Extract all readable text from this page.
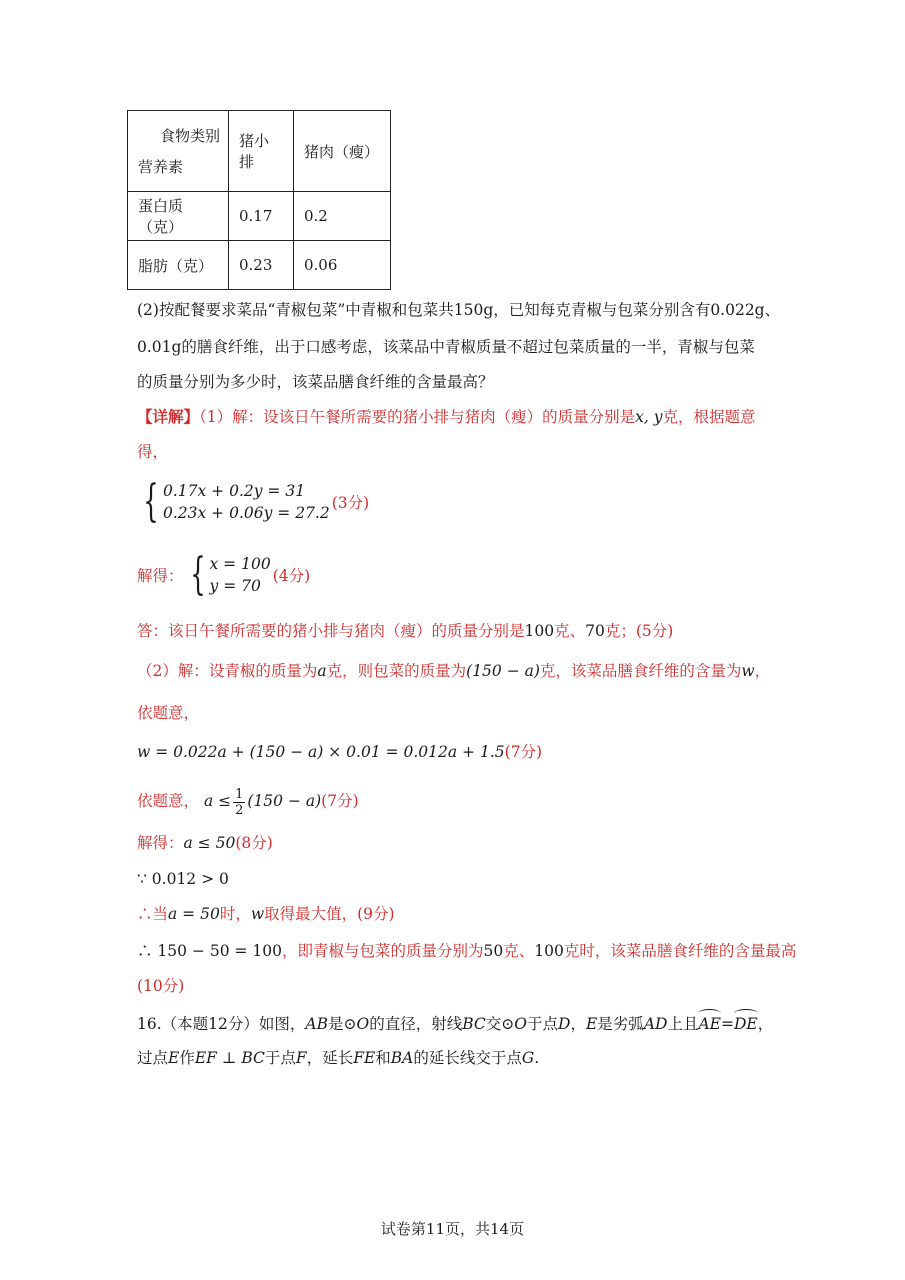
食物类别
营养素	猪小排	猪肉（瘦）
蛋白质（克）	0.17	0.2
脂肪（克）	0.23	0.06
(2)按配餐要求菜品“青椒包菜”中青椒和包菜共150g，已知每克青椒与包菜分别含有0.022g、
0.01g的膳食纤维，出于口感考虑，该菜品中青椒质量不超过包菜质量的一半，青椒与包菜
的质量分别为多少时，该菜品膳食纤维的含量最高？
【详解】（1）解：设该日午餐所需要的猪小排与猪肉（瘦）的质量分别是x, y克，根据题意
得，
{ 0.17x + 0.2y = 31
0.23x + 0.06y = 27.2
(3分)
解得： { x = 100
y = 70
(4分)
答：该日午餐所需要的猪小排与猪肉（瘦）的质量分别是100克、70克；(5分)
（2）解：设青椒的质量为a克，则包菜的质量为(150 − a)克，该菜品膳食纤维的含量为w，
依题意，
w = 0.022a + (150 − a) × 0.01 = 0.012a + 1.5(7分)
依题意， $a \le \frac{1}{2} (150 - a)(7$分)
解得：a ≤ 50(8分)
∵ 0.012 > 0
∴当a = 50时，w取得最大值，(9分)
∴ 150 − 50 = 100，即青椒与包菜的质量分别为50克、100克时，该菜品膳食纤维的含量最高
(10分)
16.（本题12分）如图，AB是⊙O的直径，射线BC交⊙O于点D，E是劣弧AD上且AE=DE，
过点E作EF ⊥ BC于点F，延长FE和BA的延长线交于点G.
试卷第11页，共14页
